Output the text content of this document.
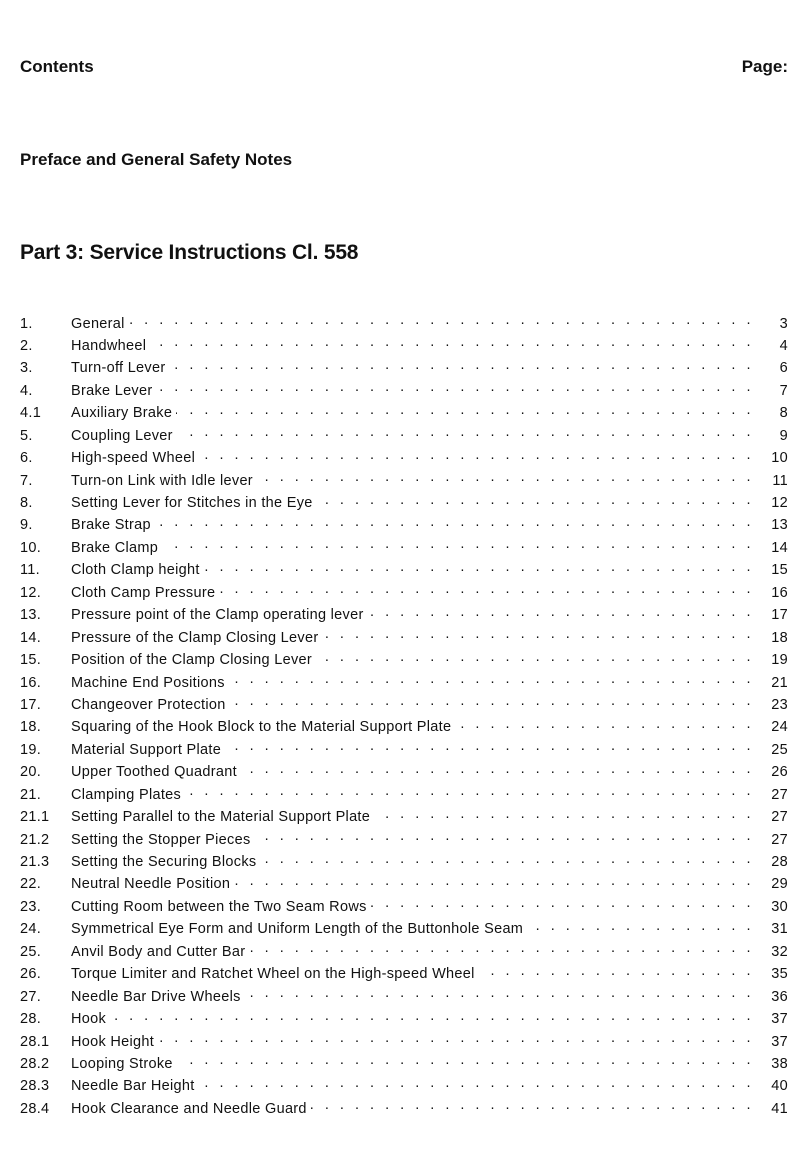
Contents	Page:
Preface and General Safety Notes
Part 3: Service Instructions Cl. 558
1.	General . . .	3
2.	Handwheel . . .	4
3.	Turn-off Lever . . .	6
4.	Brake Lever . . .	7
4.1	Auxiliary Brake . . .	8
5.	Coupling Lever . . .	9
6.	High-speed Wheel . . .	10
7.	Turn-on Link with Idle lever . . .	11
8.	Setting Lever for Stitches in the Eye . . .	12
9.	Brake Strap . . .	13
10.	Brake Clamp . . .	14
11.	Cloth Clamp height . . .	15
12.	Cloth Camp Pressure . . .	16
13.	Pressure point of the Clamp operating lever . . .	17
14.	Pressure of the Clamp Closing Lever . . .	18
15.	Position of the Clamp Closing Lever . . .	19
16.	Machine End Positions . . .	21
17.	Changeover Protection . . .	23
18.	Squaring of the Hook Block to the Material Support Plate . . .	24
19.	Material Support Plate . . .	25
20.	Upper Toothed Quadrant . . .	26
21.	Clamping Plates . . .	27
21.1	Setting Parallel to the Material Support Plate . . .	27
21.2	Setting the Stopper Pieces . . .	27
21.3	Setting the Securing Blocks . . .	28
22.	Neutral Needle Position . . .	29
23.	Cutting Room between the Two Seam Rows . . .	30
24.	Symmetrical Eye Form and Uniform Length of the Buttonhole Seam . . .	31
25.	Anvil Body and Cutter Bar . . .	32
26.	Torque Limiter and Ratchet Wheel on the High-speed Wheel . . .	35
27.	Needle Bar Drive Wheels . . .	36
28.	Hook . . .	37
28.1	Hook Height . . .	37
28.2	Looping Stroke . . .	38
28.3	Needle Bar Height . . .	40
28.4	Hook Clearance and Needle Guard . . .	41
